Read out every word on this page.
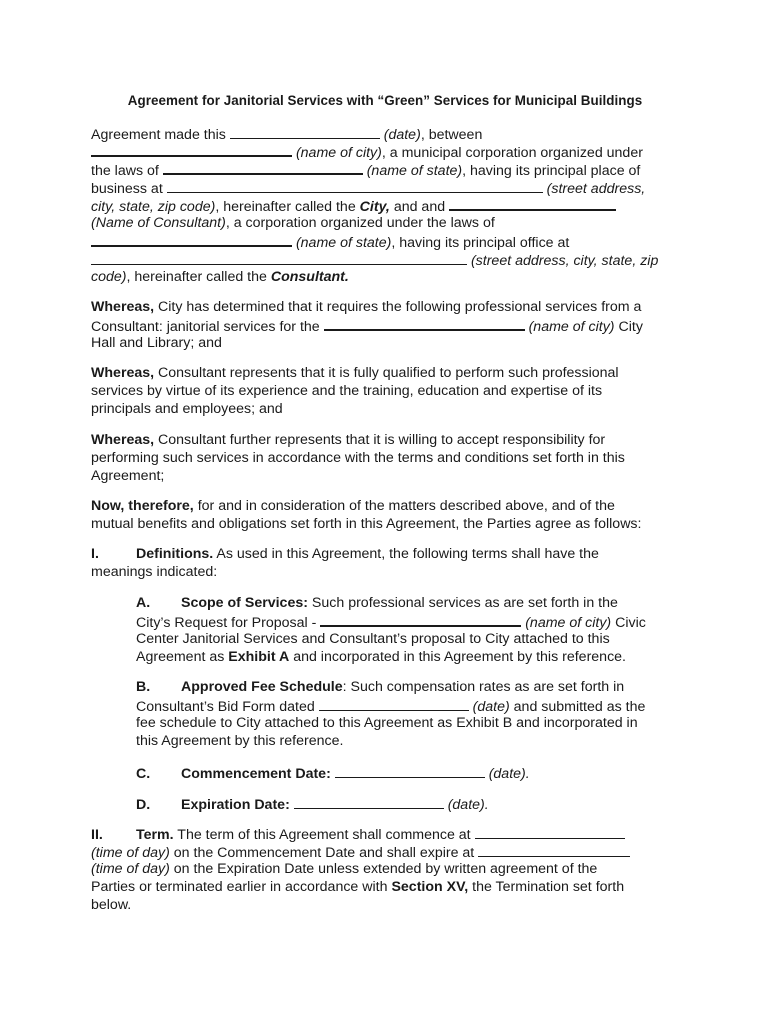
Agreement for Janitorial Services with “Green” Services for Municipal Buildings
Agreement made this	(date), between
(name of city), a municipal corporation organized under
the laws of	(name of state), having its principal place of
business at	(street address,
city, state, zip code), hereinafter called the City, and and
(Name of Consultant), a corporation organized under the laws of
(name of state), having its principal office at
(street address, city, state, zip
code), hereinafter called the Consultant.
Whereas, City has determined that it requires the following professional services from a
Consultant: janitorial services for the	(name of city) City
Hall and Library; and
Whereas, Consultant represents that it is fully qualified to perform such professional
services by virtue of its experience and the training, education and expertise of its
principals and employees; and
Whereas, Consultant further represents that it is willing to accept responsibility for
performing such services in accordance with the terms and conditions set forth in this
Agreement;
Now, therefore, for and in consideration of the matters described above, and of the
mutual benefits and obligations set forth in this Agreement, the Parties agree as follows:
I.	Definitions. As used in this Agreement, the following terms shall have the
meanings indicated:
A. Scope of Services: Such professional services as are set forth in the
City’s Request for Proposal -	(name of city) Civic
Center Janitorial Services and Consultant’s proposal to City attached to this
Agreement as Exhibit A and incorporated in this Agreement by this reference.
B. Approved Fee Schedule: Such compensation rates as are set forth in
Consultant’s Bid Form dated	(date) and submitted as the
fee schedule to City attached to this Agreement as Exhibit B and incorporated in
this Agreement by this reference.
C. Commencement Date:	(date).
D. Expiration Date:	(date).
II. Term. The term of this Agreement shall commence at
(time of day) on the Commencement Date and shall expire at
(time of day) on the Expiration Date unless extended by written agreement of the
Parties or terminated earlier in accordance with Section XV, the Termination set forth
below.
